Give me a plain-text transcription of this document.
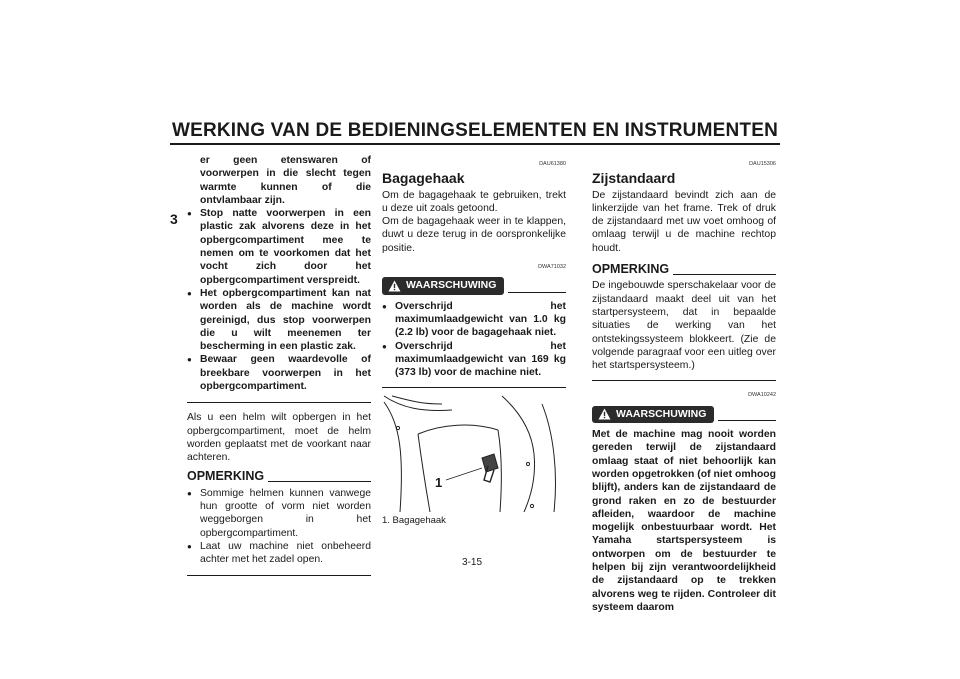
WERKING VAN DE BEDIENINGSELEMENTEN EN INSTRUMENTEN
3
er geen etenswaren of voorwerpen in die slecht tegen warmte kunnen of die ontvlambaar zijn.
● Stop natte voorwerpen in een plastic zak alvorens deze in het opbergcompartiment mee te nemen om te voorkomen dat het vocht zich door het opbergcompartiment verspreidt.
● Het opbergcompartiment kan nat worden als de machine wordt gereinigd, dus stop voorwerpen die u wilt meenemen ter bescherming in een plastic zak.
● Bewaar geen waardevolle of breekbare voorwerpen in het opbergcompartiment.
Als u een helm wilt opbergen in het opbergcompartiment, moet de helm worden geplaatst met de voorkant naar achteren.
OPMERKING
● Sommige helmen kunnen vanwege hun grootte of vorm niet worden weggeborgen in het opbergcompartiment.
● Laat uw machine niet onbeheerd achter met het zadel open.
DAU61380
Bagagehaak
Om de bagagehaak te gebruiken, trekt u deze uit zoals getoond.
Om de bagagehaak weer in te klappen, duwt u deze terug in de oorspronkelijke positie.
DWA71032
WAARSCHUWING
● Overschrijd het maximumlaadgewicht van 1.0 kg (2.2 lb) voor de bagagehaak niet.
● Overschrijd het maximumlaadgewicht van 169 kg (373 lb) voor de machine niet.
1
1. Bagagehaak
DAU15306
Zijstandaard
De zijstandaard bevindt zich aan de linkerzijde van het frame. Trek of druk de zijstandaard met uw voet omhoog of omlaag terwijl u de machine rechtop houdt.
OPMERKING
De ingebouwde sperschakelaar voor de zijstandaard maakt deel uit van het startpersysteem, dat in bepaalde situaties de werking van het ontstekingssysteem blokkeert. (Zie de volgende paragraaf voor een uitleg over het startspersysteem.)
DWA10242
WAARSCHUWING
Met de machine mag nooit worden gereden terwijl de zijstandaard omlaag staat of niet behoorlijk kan worden opgetrokken (of niet omhoog blijft), anders kan de zijstandaard de grond raken en zo de bestuurder afleiden, waardoor de machine mogelijk onbestuurbaar wordt. Het Yamaha startspersysteem is ontworpen om de bestuurder te helpen bij zijn verantwoordelijkheid de zijstandaard op te trekken alvorens weg te rijden. Controleer dit systeem daarom
3-15
